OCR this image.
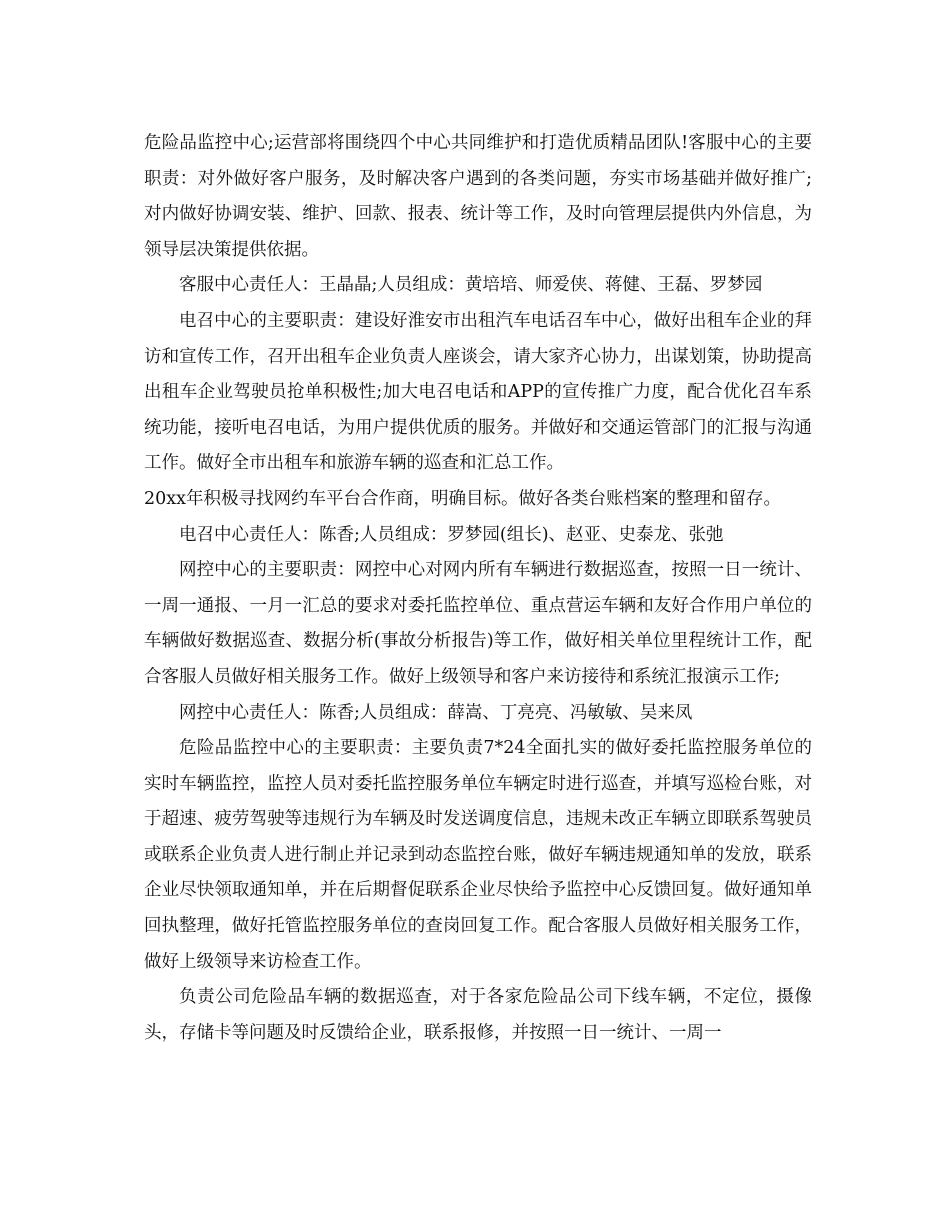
危险品监控中心;运营部将围绕四个中心共同维护和打造优质精品团队!客服中心的主要职责：对外做好客户服务，及时解决客户遇到的各类问题，夯实市场基础并做好推广;对内做好协调安装、维护、回款、报表、统计等工作，及时向管理层提供内外信息，为领导层决策提供依据。

客服中心责任人：王晶晶;人员组成：黄培培、师爱侠、蒋健、王磊、罗梦园

电召中心的主要职责：建设好淮安市出租汽车电话召车中心，做好出租车企业的拜访和宣传工作，召开出租车企业负责人座谈会，请大家齐心协力，出谋划策，协助提高出租车企业驾驶员抢单积极性;加大电召电话和APP的宣传推广力度，配合优化召车系统功能，接听电召电话，为用户提供优质的服务。并做好和交通运管部门的汇报与沟通工作。做好全市出租车和旅游车辆的巡查和汇总工作。

20xx年积极寻找网约车平台合作商，明确目标。做好各类台账档案的整理和留存。

电召中心责任人：陈香;人员组成：罗梦园(组长)、赵亚、史泰龙、张弛

网控中心的主要职责：网控中心对网内所有车辆进行数据巡查，按照一日一统计、一周一通报、一月一汇总的要求对委托监控单位、重点营运车辆和友好合作用户单位的车辆做好数据巡查、数据分析(事故分析报告)等工作，做好相关单位里程统计工作，配合客服人员做好相关服务工作。做好上级领导和客户来访接待和系统汇报演示工作;

网控中心责任人：陈香;人员组成：薛嵩、丁亮亮、冯敏敏、吴来凤

危险品监控中心的主要职责：主要负责7*24全面扎实的做好委托监控服务单位的实时车辆监控，监控人员对委托监控服务单位车辆定时进行巡查，并填写巡检台账，对于超速、疲劳驾驶等违规行为车辆及时发送调度信息，违规未改正车辆立即联系驾驶员或联系企业负责人进行制止并记录到动态监控台账，做好车辆违规通知单的发放，联系企业尽快领取通知单，并在后期督促联系企业尽快给予监控中心反馈回复。做好通知单回执整理，做好托管监控服务单位的查岗回复工作。配合客服人员做好相关服务工作，做好上级领导来访检查工作。

负责公司危险品车辆的数据巡查，对于各家危险品公司下线车辆，不定位，摄像头，存储卡等问题及时反馈给企业，联系报修，并按照一日一统计、一周一
